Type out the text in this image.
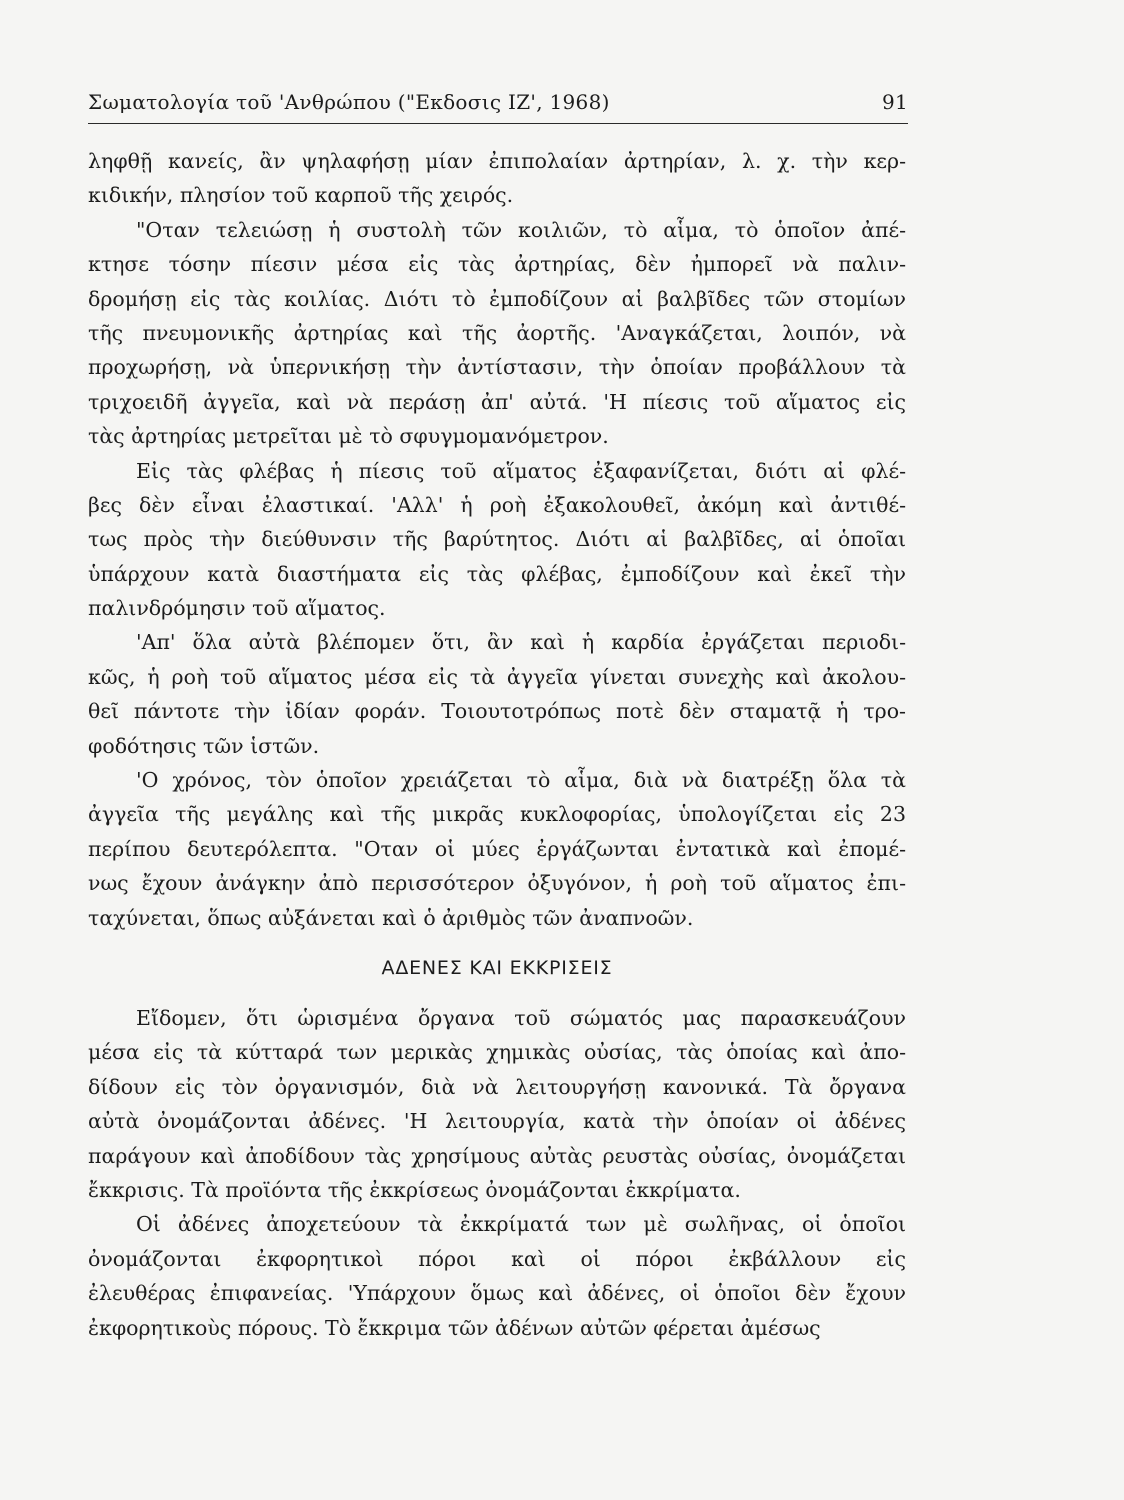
Σωματολογία τοῦ 'Ανθρώπου ("Εκδοσις ΙΖ', 1968)	91
ληφθῇ κανείς, ἂν ψηλαφήσῃ μίαν ἐπιπολαίαν ἀρτηρίαν, λ. χ. τὴν κερ-
κιδικήν, πλησίον τοῦ καρποῦ τῆς χειρός.
"Οταν τελειώσῃ ἡ συστολὴ τῶν κοιλιῶν, τὸ αἷμα, τὸ ὁποῖον ἀπέ-
κτησε τόσην πίεσιν μέσα εἰς τὰς ἀρτηρίας, δὲν ἠμπορεῖ νὰ παλιν-
δρομήσῃ εἰς τὰς κοιλίας. Διότι τὸ ἐμποδίζουν αἱ βαλβῖδες τῶν στομίων
τῆς πνευμονικῆς ἀρτηρίας καὶ τῆς ἀορτῆς. 'Αναγκάζεται, λοιπόν, νὰ
προχωρήσῃ, νὰ ὑπερνικήσῃ τὴν ἀντίστασιν, τὴν ὁποίαν προβάλλουν τὰ
τριχοειδῆ ἀγγεῖα, καὶ νὰ περάσῃ ἀπ' αὐτά. 'Η πίεσις τοῦ αἵματος εἰς
τὰς ἀρτηρίας μετρεῖται μὲ τὸ σφυγμομανόμετρον.
Εἰς τὰς φλέβας ἡ πίεσις τοῦ αἵματος ἐξαφανίζεται, διότι αἱ φλέ-
βες δὲν εἶναι ἐλαστικαί. 'Αλλ' ἡ ροὴ ἐξακολουθεῖ, ἀκόμη καὶ ἀντιθέ-
τως πρὸς τὴν διεύθυνσιν τῆς βαρύτητος. Διότι αἱ βαλβῖδες, αἱ ὁποῖαι
ὑπάρχουν κατὰ διαστήματα εἰς τὰς φλέβας, ἐμποδίζουν καὶ ἐκεῖ τὴν
παλινδρόμησιν τοῦ αἵματος.
'Απ' ὅλα αὐτὰ βλέπομεν ὅτι, ἂν καὶ ἡ καρδία ἐργάζεται περιοδι-
κῶς, ἡ ροὴ τοῦ αἵματος μέσα εἰς τὰ ἀγγεῖα γίνεται συνεχὴς καὶ ἀκολου-
θεῖ πάντοτε τὴν ἰδίαν φοράν. Τοιουτοτρόπως ποτὲ δὲν σταματᾷ ἡ τρο-
φοδότησις τῶν ἱστῶν.
'Ο χρόνος, τὸν ὁποῖον χρειάζεται τὸ αἷμα, διὰ νὰ διατρέξῃ ὅλα τὰ
ἀγγεῖα τῆς μεγάλης καὶ τῆς μικρᾶς κυκλοφορίας, ὑπολογίζεται εἰς 23
περίπου δευτερόλεπτα. "Οταν οἱ μύες ἐργάζωνται ἐντατικὰ καὶ ἐπομέ-
νως ἔχουν ἀνάγκην ἀπὸ περισσότερον ὀξυγόνον, ἡ ροὴ τοῦ αἵματος ἐπι-
ταχύνεται, ὅπως αὐξάνεται καὶ ὁ ἀριθμὸς τῶν ἀναπνοῶν.
ΑΔΕΝΕΣ ΚΑΙ ΕΚΚΡΙΣΕΙΣ
Εἴδομεν, ὅτι ὡρισμένα ὄργανα τοῦ σώματός μας παρασκευάζουν
μέσα εἰς τὰ κύτταρά των μερικὰς χημικὰς οὐσίας, τὰς ὁποίας καὶ ἀπο-
δίδουν εἰς τὸν ὀργανισμόν, διὰ νὰ λειτουργήσῃ κανονικά. Τὰ ὄργανα
αὐτὰ ὀνομάζονται ἀδένες. 'Η λειτουργία, κατὰ τὴν ὁποίαν οἱ ἀδένες
παράγουν καὶ ἀποδίδουν τὰς χρησίμους αὐτὰς ρευστὰς οὐσίας, ὀνομάζεται
ἔκκρισις. Τὰ προϊόντα τῆς ἐκκρίσεως ὀνομάζονται ἐκκρίματα.
Οἱ ἀδένες ἀποχετεύουν τὰ ἐκκρίματά των μὲ σωλῆνας, οἱ ὁποῖοι
ὀνομάζονται ἐκφορητικοὶ πόροι καὶ οἱ πόροι ἐκβάλλουν εἰς
ἐλευθέρας ἐπιφανείας. 'Υπάρχουν ὅμως καὶ ἀδένες, οἱ ὁποῖοι δὲν ἔχουν
ἐκφορητικοὺς πόρους. Τὸ ἔκκριμα τῶν ἀδένων αὐτῶν φέρεται ἀμέσως
